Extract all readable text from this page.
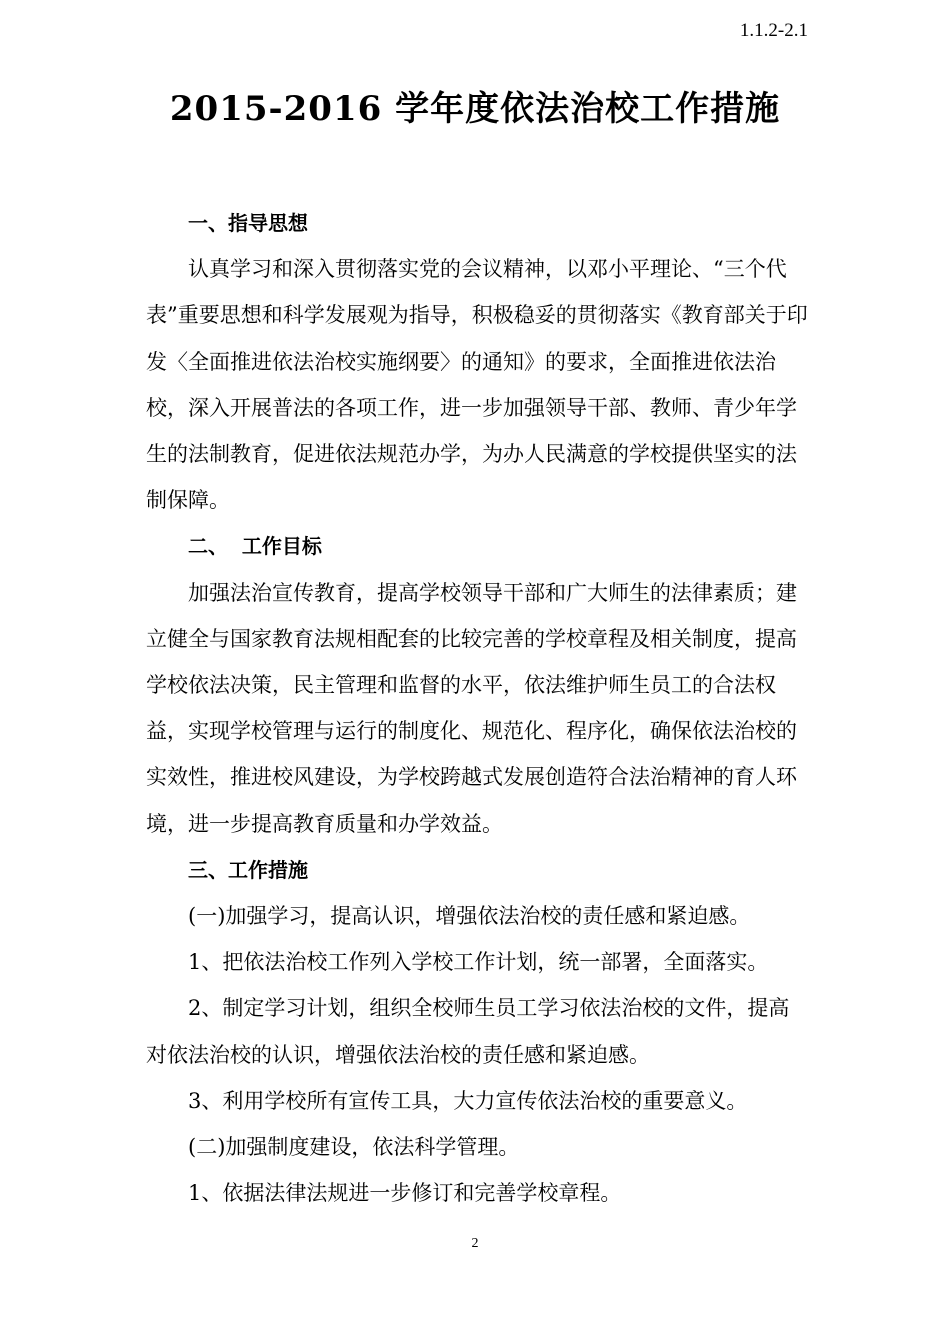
1.1.2-2.1
2015-2016 学年度依法治校工作措施

一、指导思想

认真学习和深入贯彻落实党的会议精神，以邓小平理论、“三个代表”重要思想和科学发展观为指导，积极稳妥的贯彻落实《教育部关于印发〈全面推进依法治校实施纲要〉的通知》的要求，全面推进依法治校，深入开展普法的各项工作，进一步加强领导干部、教师、青少年学生的法制教育，促进依法规范办学，为办人民满意的学校提供坚实的法制保障。

二、  工作目标

加强法治宣传教育，提高学校领导干部和广大师生的法律素质；建立健全与国家教育法规相配套的比较完善的学校章程及相关制度，提高学校依法决策，民主管理和监督的水平，依法维护师生员工的合法权益，实现学校管理与运行的制度化、规范化、程序化，确保依法治校的实效性，推进校风建设，为学校跨越式发展创造符合法治精神的育人环境，进一步提高教育质量和办学效益。

三、工作措施

(一)加强学习，提高认识，增强依法治校的责任感和紧迫感。

1、把依法治校工作列入学校工作计划，统一部署，全面落实。

2、制定学习计划，组织全校师生员工学习依法治校的文件，提高对依法治校的认识，增强依法治校的责任感和紧迫感。

3、利用学校所有宣传工具，大力宣传依法治校的重要意义。

(二)加强制度建设，依法科学管理。

1、依据法律法规进一步修订和完善学校章程。

2
